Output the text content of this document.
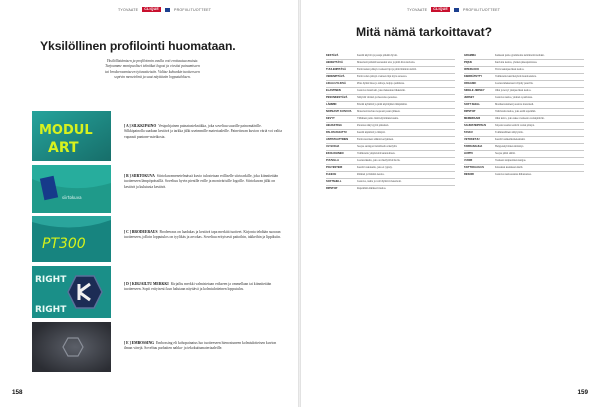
TYOVAATE	CLIQUE	PROFIILITUOTTEET
Yksilöllinen profilointi huomataan.

Yksilöllistämisen ja profiloinnin avulla voit erottautua muista.

Tarjoamme monipuoliset tekniikat logosi ja viestisi painamiseen

tai brodeeraamiseen työvaatteisiin. Valitse kuhunkin tuotteeseen

sopivin menetelmä ja saat näyttävän lopputuloksen.

MODUL
ART
[ A ] SILKKIPAINO Vesipohjainen painatustekniikka, joka soveltuu suurille painomäärille. Silkkipainolla saadaan kestävä ja tarkka jälki useimmille materiaaleille. Painettavan kuvion väriä voi valita vapaasti pantone-asteikosta.
siirtokuva
[ B ] SIIRTOKUVA Siirtokuvamenetelmässä kuvio tulostetaan erilliselle siirtoarkille, joka kiinnitetään tuotteeseen lämpöprässillä. Soveltuu hyvin pienille erille ja monivärisille logoille. Siirtokuvan jälki on kestävä ja kulutusta kestävä.
PT300
[ C ] BRODEERAUS Brodeeraus on laadukas ja kestävä tapa merkitä tuotteet. Kirjonta tehdään suoraan tuotteeseen, jolloin lopputulos on tyylikäs ja arvokas. Soveltuu erityisesti paitoihin, takkeihin ja lippiksiin.
RIGHT
RIGHT
[ D ] KIRJAILTU MERKKI Kirjailtu merkki valmistetaan erikseen ja ommellaan tai kiinnitetään tuotteeseen. Sopii erityisesti kun halutaan näyttävä ja kolmiulotteinen lopputulos.
[ E ] EMBOSSING Embossing eli kohopainatus luo tuotteeseen hienostuneen kolmiulotteisen kuvion ilman värejä. Soveltuu parhaiten nahka- ja tekokuitumateriaaleille.
158
TYOVAATE	CLIQUE	PROFIILITUOTTEET
159
Mitä nämä tarkoittavat?
KESTÄVÄ	Kestää käyttöä ja pesuja pitkään hyvin.
HENGITTÄVÄ	Materiaali päästää kosteuden ulos ja pitää ihon kuivana.
TUULENPITÄVÄ	Estää tuulen pääsyn vaatteen läpi ja pitää lämmön sisällä.
VEDENPITÄVÄ	Estää veden pääsyn vaatteen läpi myös sateessa.
LIKAA HYLKIVÄ	Pinta hylkii likaa ja tahroja, helppo puhdistaa.
ELASTINEN	Joustava materiaali, joka mukautuu liikkeisiin.
PESUNKESTÄVÄ	Säilyttää värinsä ja muotonsa pesuissa.
LÄMMIN	Eristää kylmältä ja pitää käyttäjänsä lämpimänä.
NOPEASTI KUIVUVA	Materiaali kuivuu nopeasti pesun jälkeen.
KEVYT	Vähäinen paino lisää käyttömukavuutta.
HEIJASTAVA	Parantaa näkyvyyttä pimeässä.
PALOSUOJATTU	Kestää kipinöitä ja lämpöä.
ANTISTAATTINEN	Estää staattisen sähkön kertymisen.
UV-SUOJA	Suojaa auringon haitalliselta säteilyltä.
EKOLOGINEN	Valmistettu ympäristöä kunnioittaen.
PUUVILLA	Luonnonkuitu, joka on miellyttävä iholla.
POLYESTERI	Kestävä tekokuitu, joka ei rypisty.
FLEECE	Pehmeä ja lämmin neulos.
SOFTSHELL	Joustava, tuulta ja vettä hylkivä materiaali.
RIPSTOP	Repeämää ehkäisevä kudos.
GRAMMA	Kankaan paino grammoina neliömetriä kohden.
PIQUE	Kuvioitu neulos, yleinen pikeepaidoissa.
INTERLOCK	Tiivis kaksipuolinen neulos.
KIERRÄTETTY	Valmistettu kierrätetyistä materiaaleista.
ORGANIC	Luonnonmukaisesti viljelty puuvilla.
SINGLE JERSEY	Ohut ja kevyt yksipuolinen neulos.
JERSEY	Joustava neulos, yleinen t-paidoissa.
SOFT SHELL	Monikerroksinen joustava materiaali.
RIPSTOP	Vahvistettu kudos, joka estää repeämiä.
MEMBRAANI	Ohut kalvo, joka tekee vaatteesta vedenpitävän.
SAUMATEIPPAUS	Teipatut saumat estävät veden pääsyn.
TASKU	Toiminnallinen säilytystila.
VETOKETJU	Kestävä sulkemismekanismi.
TARRANAUHA	Helppokäyttöinen kiinnitys.
HUPPU	Suojaa päätä säältä.
VUORI	Vaatteen sisäpuolinen kangas.
TAITTOKAULUS	Klassinen kauluksen malli.
RESORI	Joustava neulosreunus hihansuissa.
